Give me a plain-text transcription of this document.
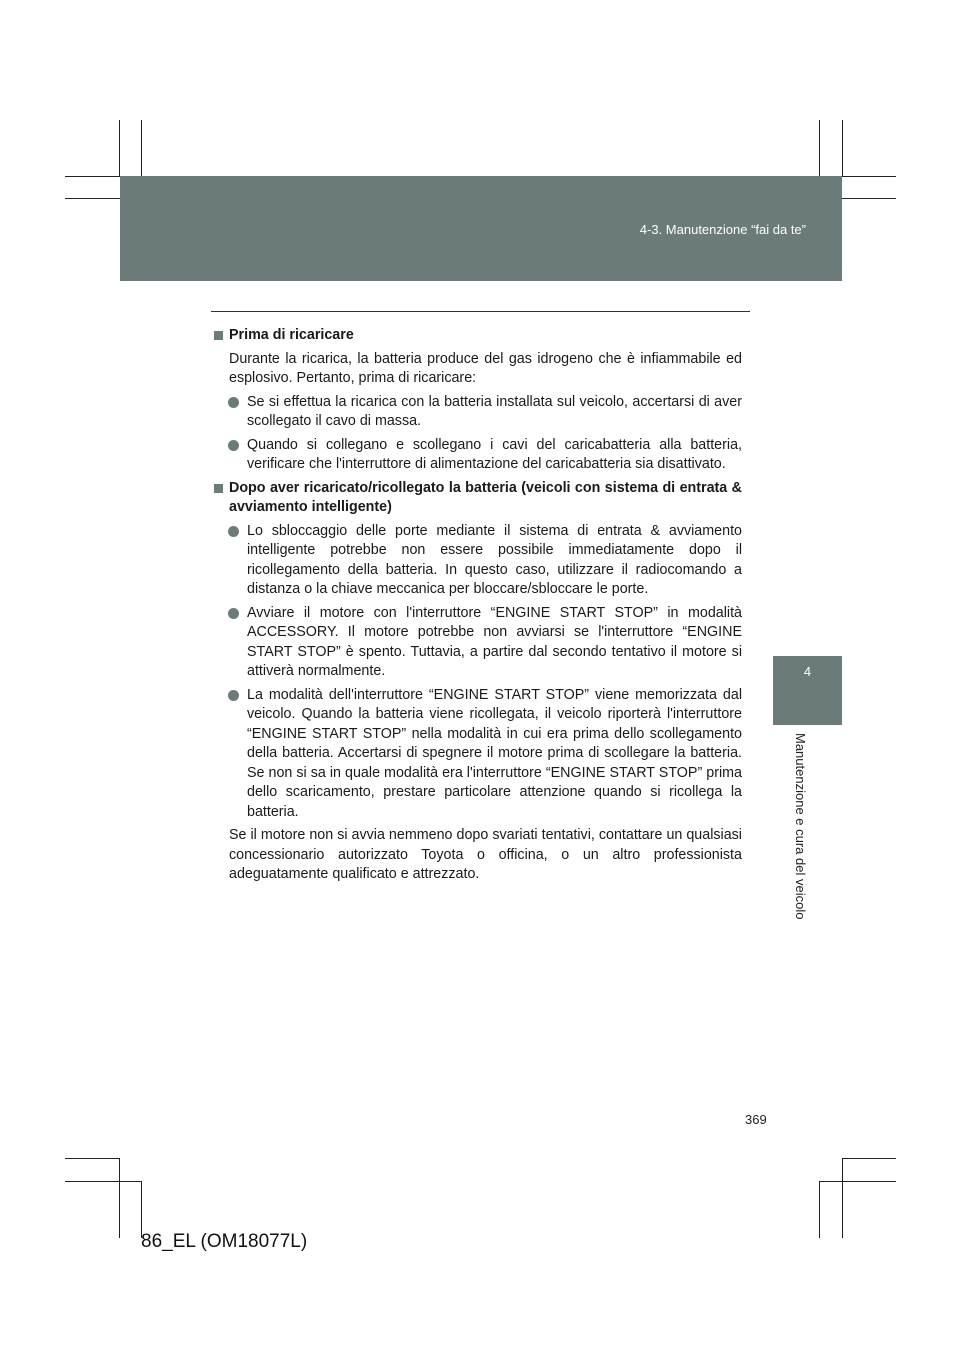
4-3. Manutenzione “fai da te”
4
Manutenzione e cura del veicolo
Prima di ricaricare
Durante la ricarica, la batteria produce del gas idrogeno che è infiammabile ed esplosivo. Pertanto, prima di ricaricare:
Se si effettua la ricarica con la batteria installata sul veicolo, accertarsi di aver scollegato il cavo di massa.
Quando si collegano e scollegano i cavi del caricabatteria alla batteria, verificare che l'interruttore di alimentazione del caricabatteria sia disattivato.
Dopo aver ricaricato/ricollegato la batteria (veicoli con sistema di entrata & avviamento intelligente)
Lo sbloccaggio delle porte mediante il sistema di entrata & avviamento intelligente potrebbe non essere possibile immediatamente dopo il ricollegamento della batteria. In questo caso, utilizzare il radiocomando a distanza o la chiave meccanica per bloccare/sbloccare le porte.
Avviare il motore con l'interruttore “ENGINE START STOP” in modalità ACCESSORY. Il motore potrebbe non avviarsi se l'interruttore “ENGINE START STOP” è spento. Tuttavia, a partire dal secondo tentativo il motore si attiverà normalmente.
La modalità dell'interruttore “ENGINE START STOP” viene memorizzata dal veicolo. Quando la batteria viene ricollegata, il veicolo riporterà l'interruttore “ENGINE START STOP” nella modalità in cui era prima dello scollegamento della batteria. Accertarsi di spegnere il motore prima di scollegare la batteria. Se non si sa in quale modalità era l'interruttore “ENGINE START STOP” prima dello scaricamento, prestare particolare attenzione quando si ricollega la batteria.
Se il motore non si avvia nemmeno dopo svariati tentativi, contattare un qualsiasi concessionario autorizzato Toyota o officina, o un altro professionista adeguatamente qualificato e attrezzato.
369
86_EL (OM18077L)
